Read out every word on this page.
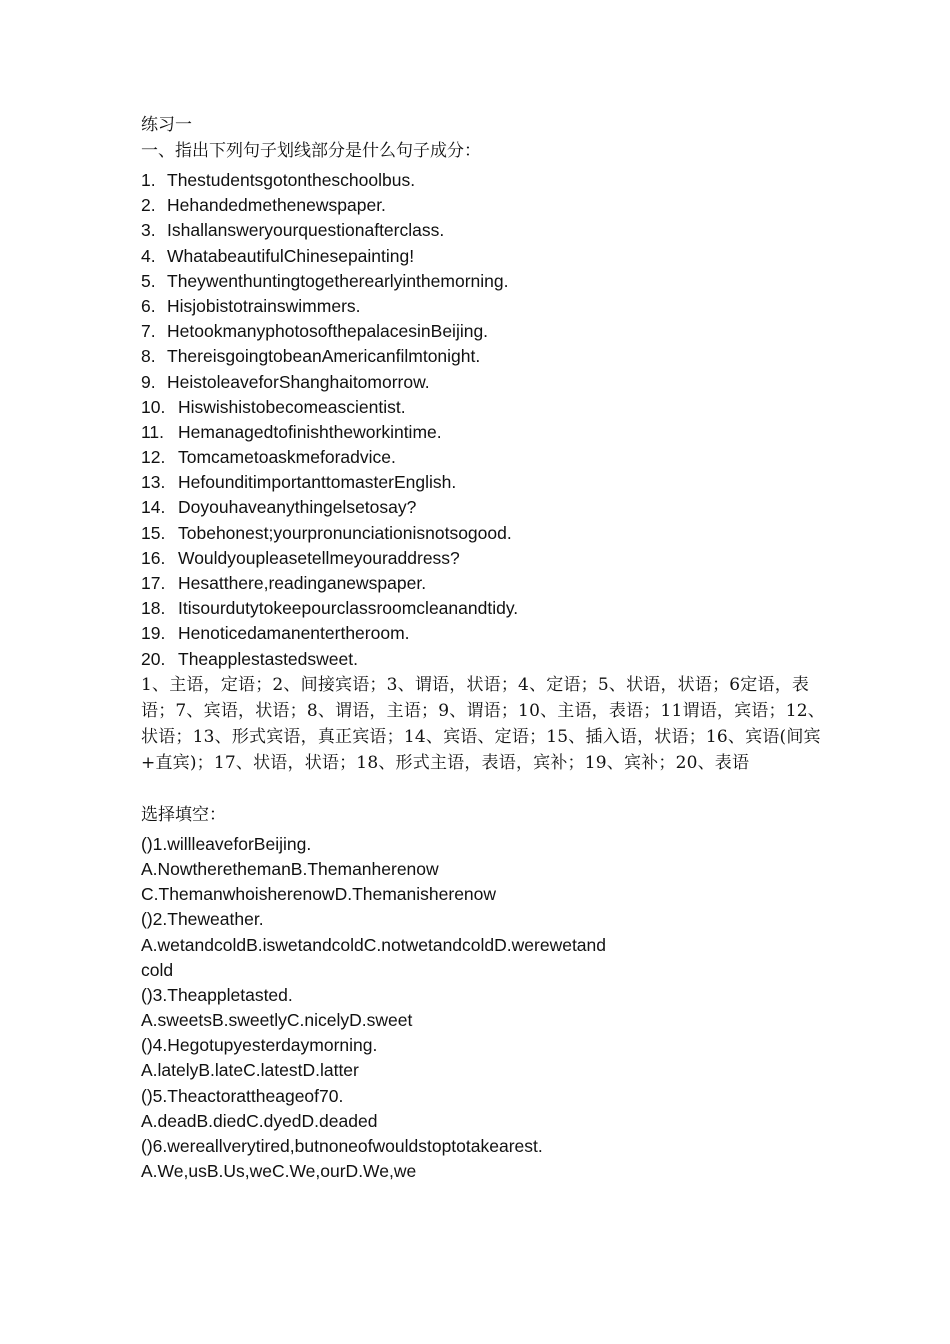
练习一

一、指出下列句子划线部分是什么句子成分：

1. Thestudentsgotontheschoolbus.
2. Hehandedmethenewspaper.
3. Ishallansweryourquestionafterclass.
4. WhatabeautifulChinesepainting!
5. Theywenthuntingtogetherearlyinthemorning.
6. Hisjobistotrainswimmers.
7. HetookmanyphotosofthepalacesinBeijing.
8. ThereisgoingtobeanAmericanfilmtonight.
9. HeistoleaveforShanghaitomorrow.
10. Hiswishistobecomeascientist.
11. Hemanagedtofinishtheworkintime.
12. Tomcametoaskmeforadvice.
13. HefounditimportanttomasterEnglish.
14. Doyouhaveanythingelsetosay?
15. Tobehonest;yourpronunciationisnotsogood.
16. Wouldyoupleasetellmeyouraddress?
17. Hesatthere,readinganewspaper.
18. Itisourdutytokeepourclassroomcleanandtidy.
19. Henoticedamanentertheroom.
20. Theapplestastedsweet.

1、主语，定语；2、间接宾语；3、谓语，状语；4、定语；5、状语，状语；6定语，表语；7、宾语，状语；8、谓语，主语；9、谓语；10、主语，表语；11谓语，宾语；12、状语；13、形式宾语，真正宾语；14、宾语、定语；15、插入语，状语；16、宾语(间宾+直宾)；17、状语，状语；18、形式主语，表语，宾补；19、宾补；20、表语

选择填空：

()1.willleaveforBeijing.
A.NowtherethemanB.Themanherenow
C.ThemanwhoisherenowD.Themanisherenow
()2.Theweather.
A.wetandcoldB.iswetandcoldC.notwetandcoldD.werewetand
cold
()3.Theappletasted.
A.sweetsB.sweetlyC.nicelyD.sweet
()4.Hegotupyesterdaymorning.
A.latelyB.lateC.latestD.latter
()5.Theactorattheageof70.
A.deadB.diedC.dyedD.deaded
()6.wereallverytired,butnoneofwouldstoptotakearest.
A.We,usB.Us,weC.We,ourD.We,we
